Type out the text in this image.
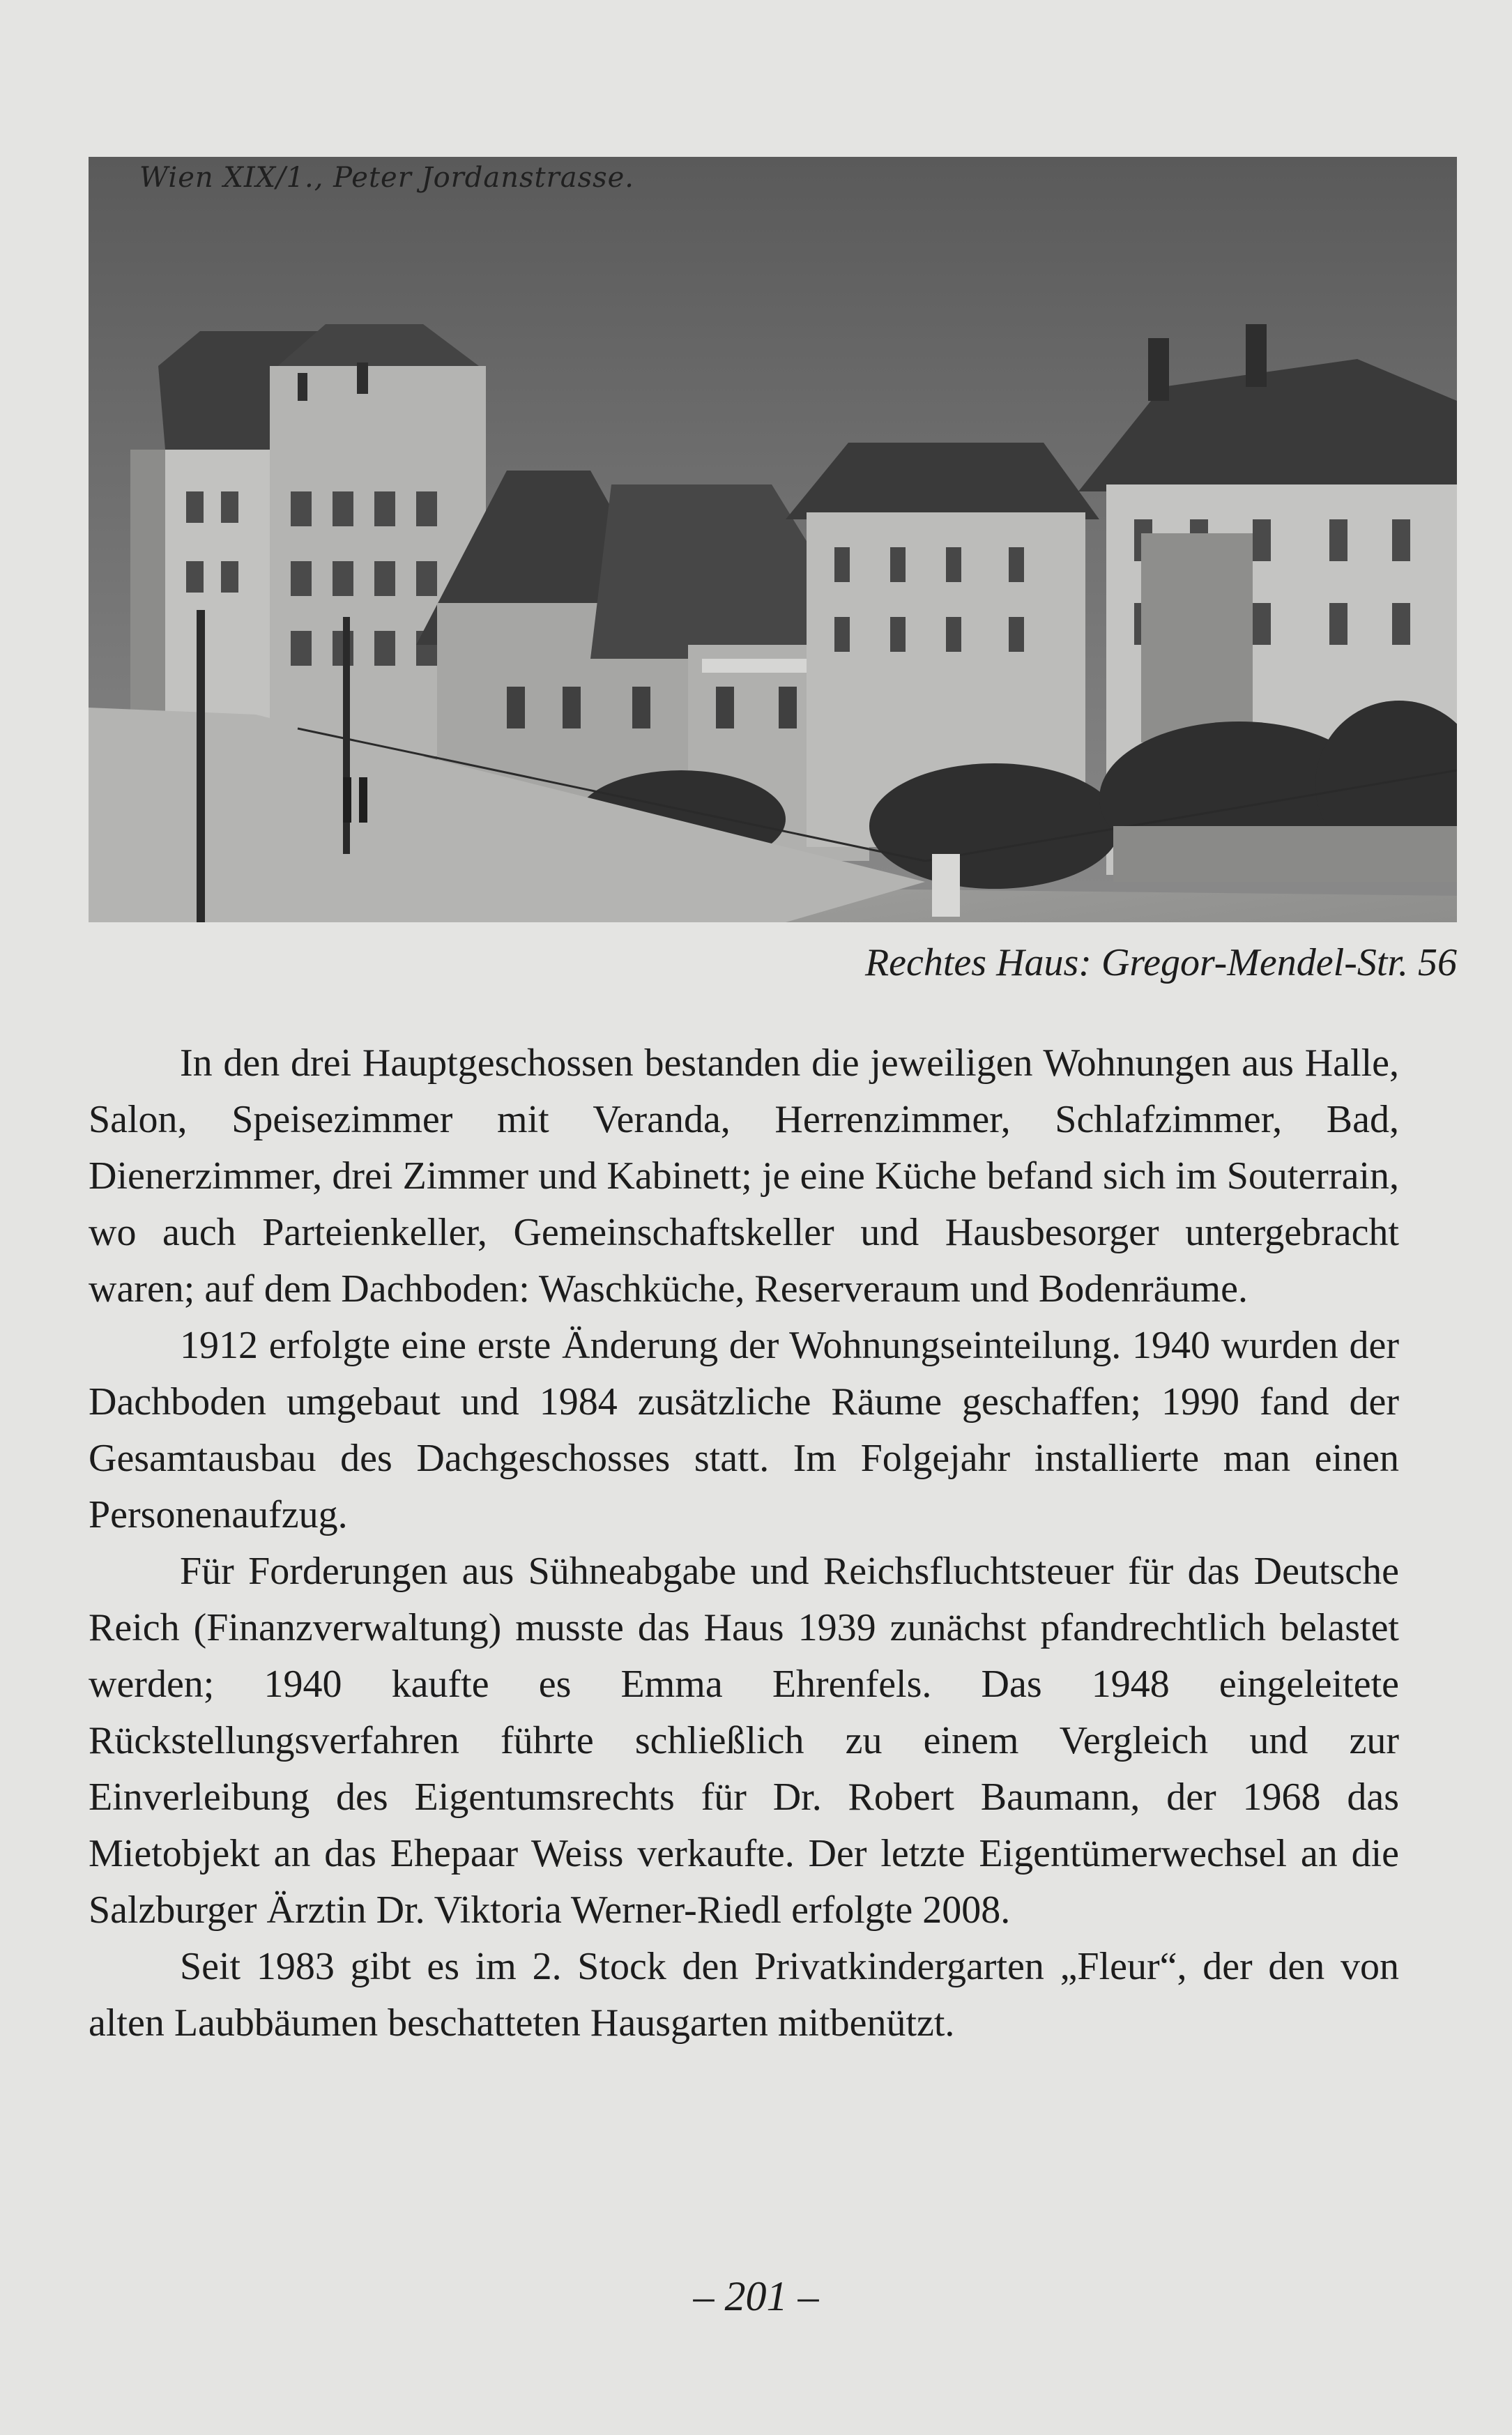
Wien XIX/1., Peter Jordanstrasse.
Rechtes Haus: Gregor-Mendel-Str. 56

In den drei Hauptgeschossen bestanden die jeweiligen Wohnungen aus Halle, Salon, Speisezimmer mit Veranda, Herrenzimmer, Schlafzimmer, Bad, Dienerzimmer, drei Zimmer und Kabinett; je eine Küche befand sich im Souterrain, wo auch Parteienkeller, Gemeinschaftskeller und Hausbesorger untergebracht waren; auf dem Dachboden: Waschküche, Reserveraum und Bodenräume.

1912 erfolgte eine erste Änderung der Wohnungseinteilung. 1940 wurden der Dachboden umgebaut und 1984 zusätzliche Räume geschaffen; 1990 fand der Gesamtausbau des Dachgeschosses statt. Im Folgejahr installierte man einen Personenaufzug.

Für Forderungen aus Sühneabgabe und Reichsfluchtsteuer für das Deutsche Reich (Finanzverwaltung) musste das Haus 1939 zunächst pfandrechtlich belastet werden; 1940 kaufte es Emma Ehrenfels. Das 1948 eingeleitete Rückstellungsverfahren führte schließlich zu einem Vergleich und zur Einverleibung des Eigentumsrechts für Dr. Robert Baumann, der 1968 das Mietobjekt an das Ehepaar Weiss verkaufte. Der letzte Eigentümerwechsel an die Salzburger Ärztin Dr. Viktoria Werner-Riedl erfolgte 2008.

Seit 1983 gibt es im 2. Stock den Privatkindergarten „Fleur“, der den von alten Laubbäumen beschatteten Hausgarten mitbenützt.

– 201 –
